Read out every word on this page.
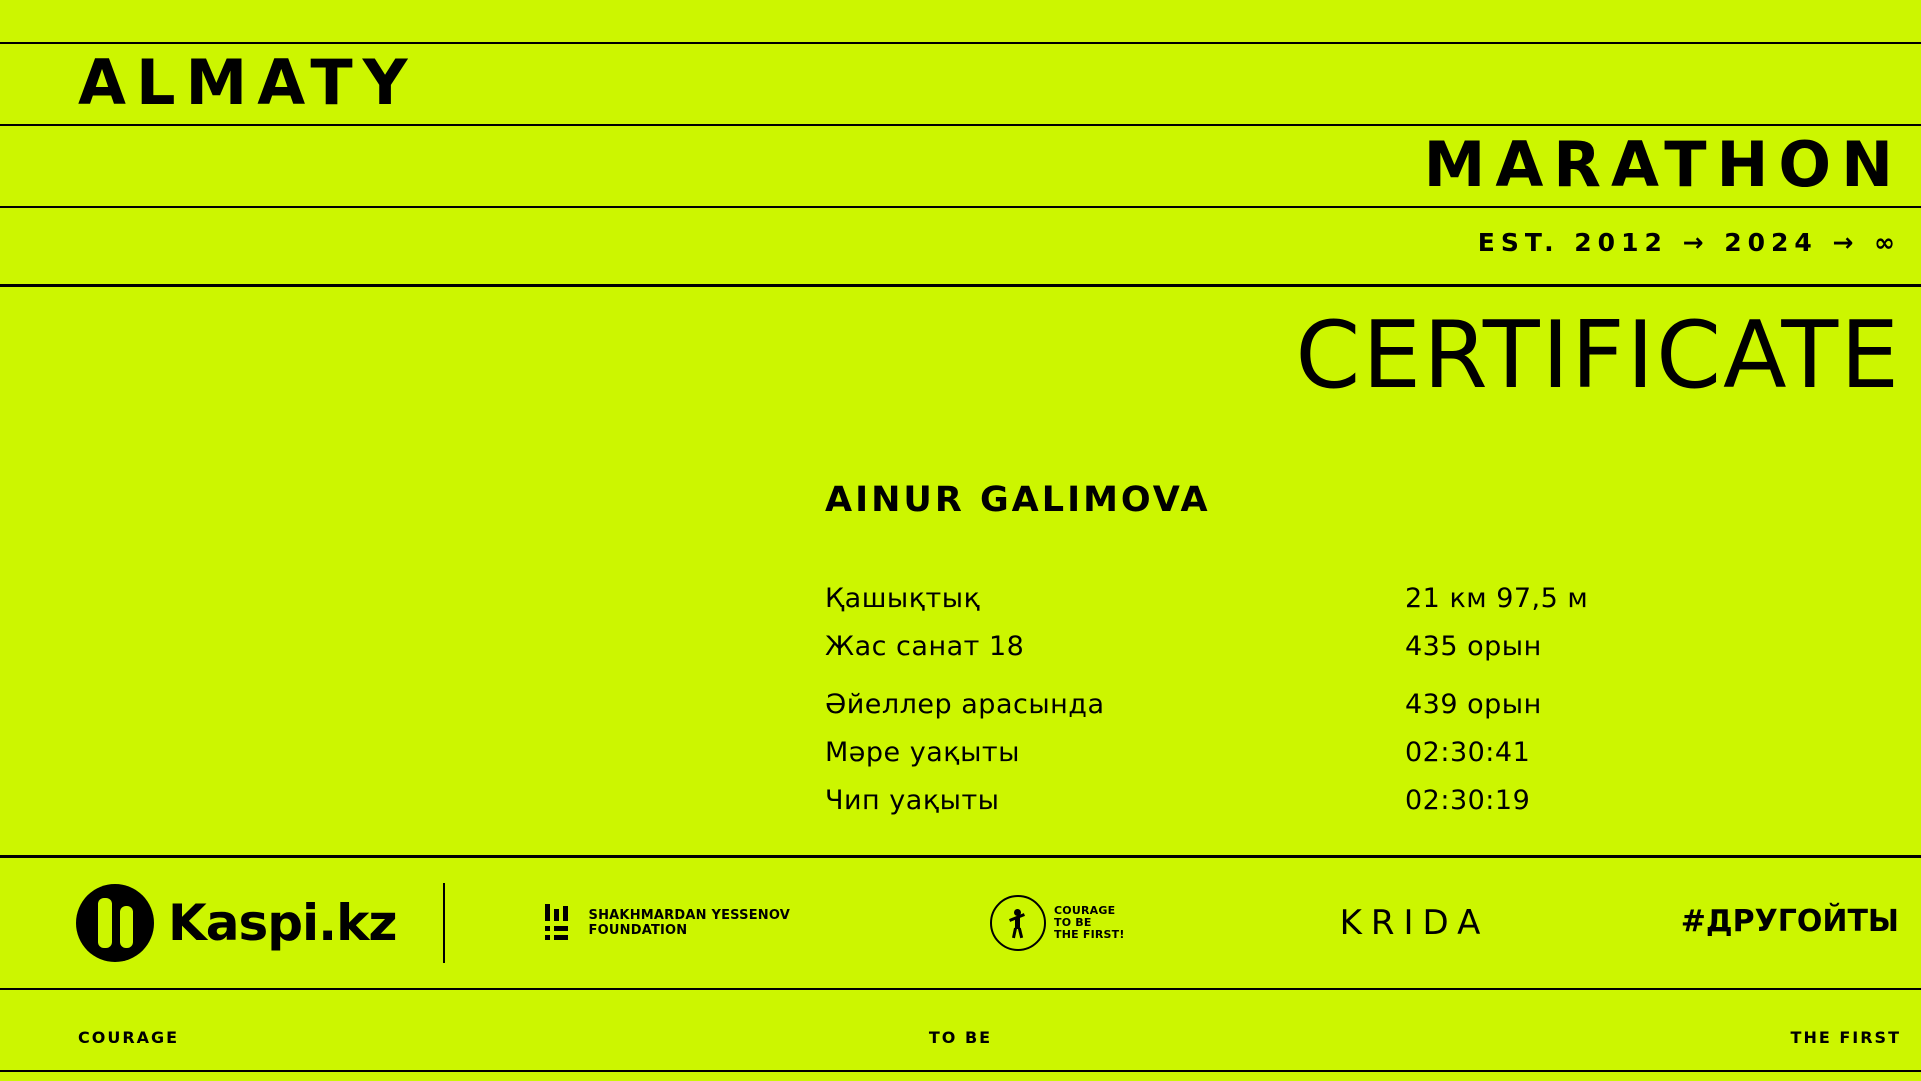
ALMATY
MARATHON
EST. 2012 → 2024 → ∞
CERTIFICATE
AINUR GALIMOVA
Қашықтық	21 км 97,5 м
Жас санат 18	435 орын
Әйеллер арасында	439 орын
Мәре уақыты	02:30:41
Чип уақыты	02:30:19
Kaspi.kz	SHAKHMARDAN YESSENOV
FOUNDATION
COURAGE
TO BE
THE FIRST!	KRIDA	#ДРУГОЙТЫ
COURAGE	TO BE	THE FIRST
